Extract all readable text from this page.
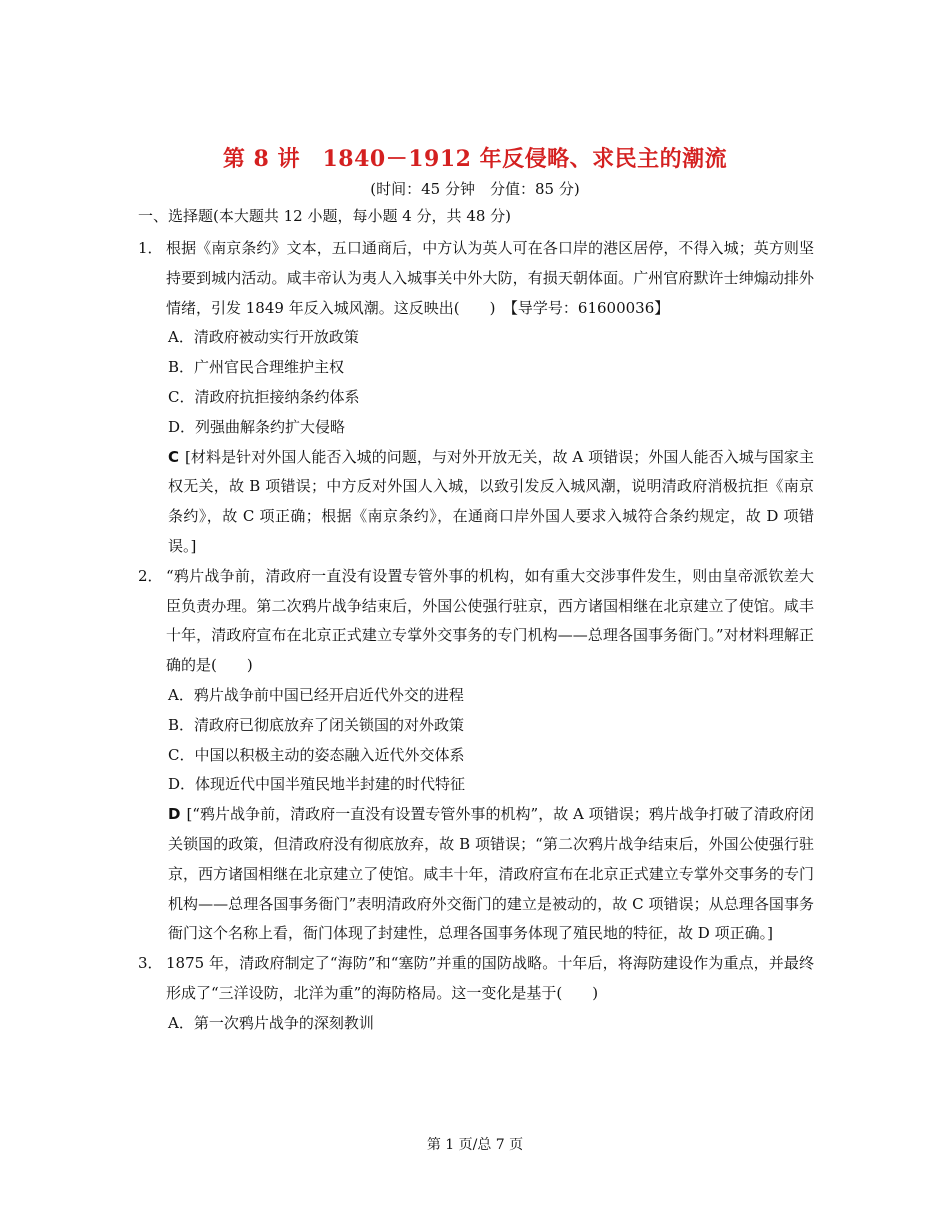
第 8 讲　1840－1912 年反侵略、求民主的潮流
(时间：45 分钟　分值：85 分)
一、选择题(本大题共 12 小题，每小题 4 分，共 48 分)
1． 根据《南京条约》文本，五口通商后，中方认为英人可在各口岸的港区居停，不得入城；英方则坚持要到城内活动。咸丰帝认为夷人入城事关中外大防，有损天朝体面。广州官府默许士绅煽动排外情绪，引发 1849 年反入城风潮。这反映出(　　)　【导学号：61600036】
A．清政府被动实行开放政策
B．广州官民合理维护主权
C．清政府抗拒接纳条约体系
D．列强曲解条约扩大侵略
C [材料是针对外国人能否入城的问题，与对外开放无关，故 A 项错误；外国人能否入城与国家主权无关，故 B 项错误；中方反对外国人入城，以致引发反入城风潮，说明清政府消极抗拒《南京条约》，故 C 项正确；根据《南京条约》，在通商口岸外国人要求入城符合条约规定，故 D 项错误。]
2． “鸦片战争前，清政府一直没有设置专管外事的机构，如有重大交涉事件发生，则由皇帝派钦差大臣负责办理。第二次鸦片战争结束后，外国公使强行驻京，西方诸国相继在北京建立了使馆。咸丰十年，清政府宣布在北京正式建立专掌外交事务的专门机构——总理各国事务衙门。”对材料理解正确的是(　　)
A．鸦片战争前中国已经开启近代外交的进程
B．清政府已彻底放弃了闭关锁国的对外政策
C．中国以积极主动的姿态融入近代外交体系
D．体现近代中国半殖民地半封建的时代特征
D [“鸦片战争前，清政府一直没有设置专管外事的机构”，故 A 项错误；鸦片战争打破了清政府闭关锁国的政策，但清政府没有彻底放弃，故 B 项错误；“第二次鸦片战争结束后，外国公使强行驻京，西方诸国相继在北京建立了使馆。咸丰十年，清政府宣布在北京正式建立专掌外交事务的专门机构——总理各国事务衙门”表明清政府外交衙门的建立是被动的，故 C 项错误；从总理各国事务衙门这个名称上看，衙门体现了封建性，总理各国事务体现了殖民地的特征，故 D 项正确。]
3． 1875 年，清政府制定了“海防”和“塞防”并重的国防战略。十年后，将海防建设作为重点，并最终形成了“三洋设防，北洋为重”的海防格局。这一变化是基于(　　)
A．第一次鸦片战争的深刻教训
第 1 页/总 7 页
